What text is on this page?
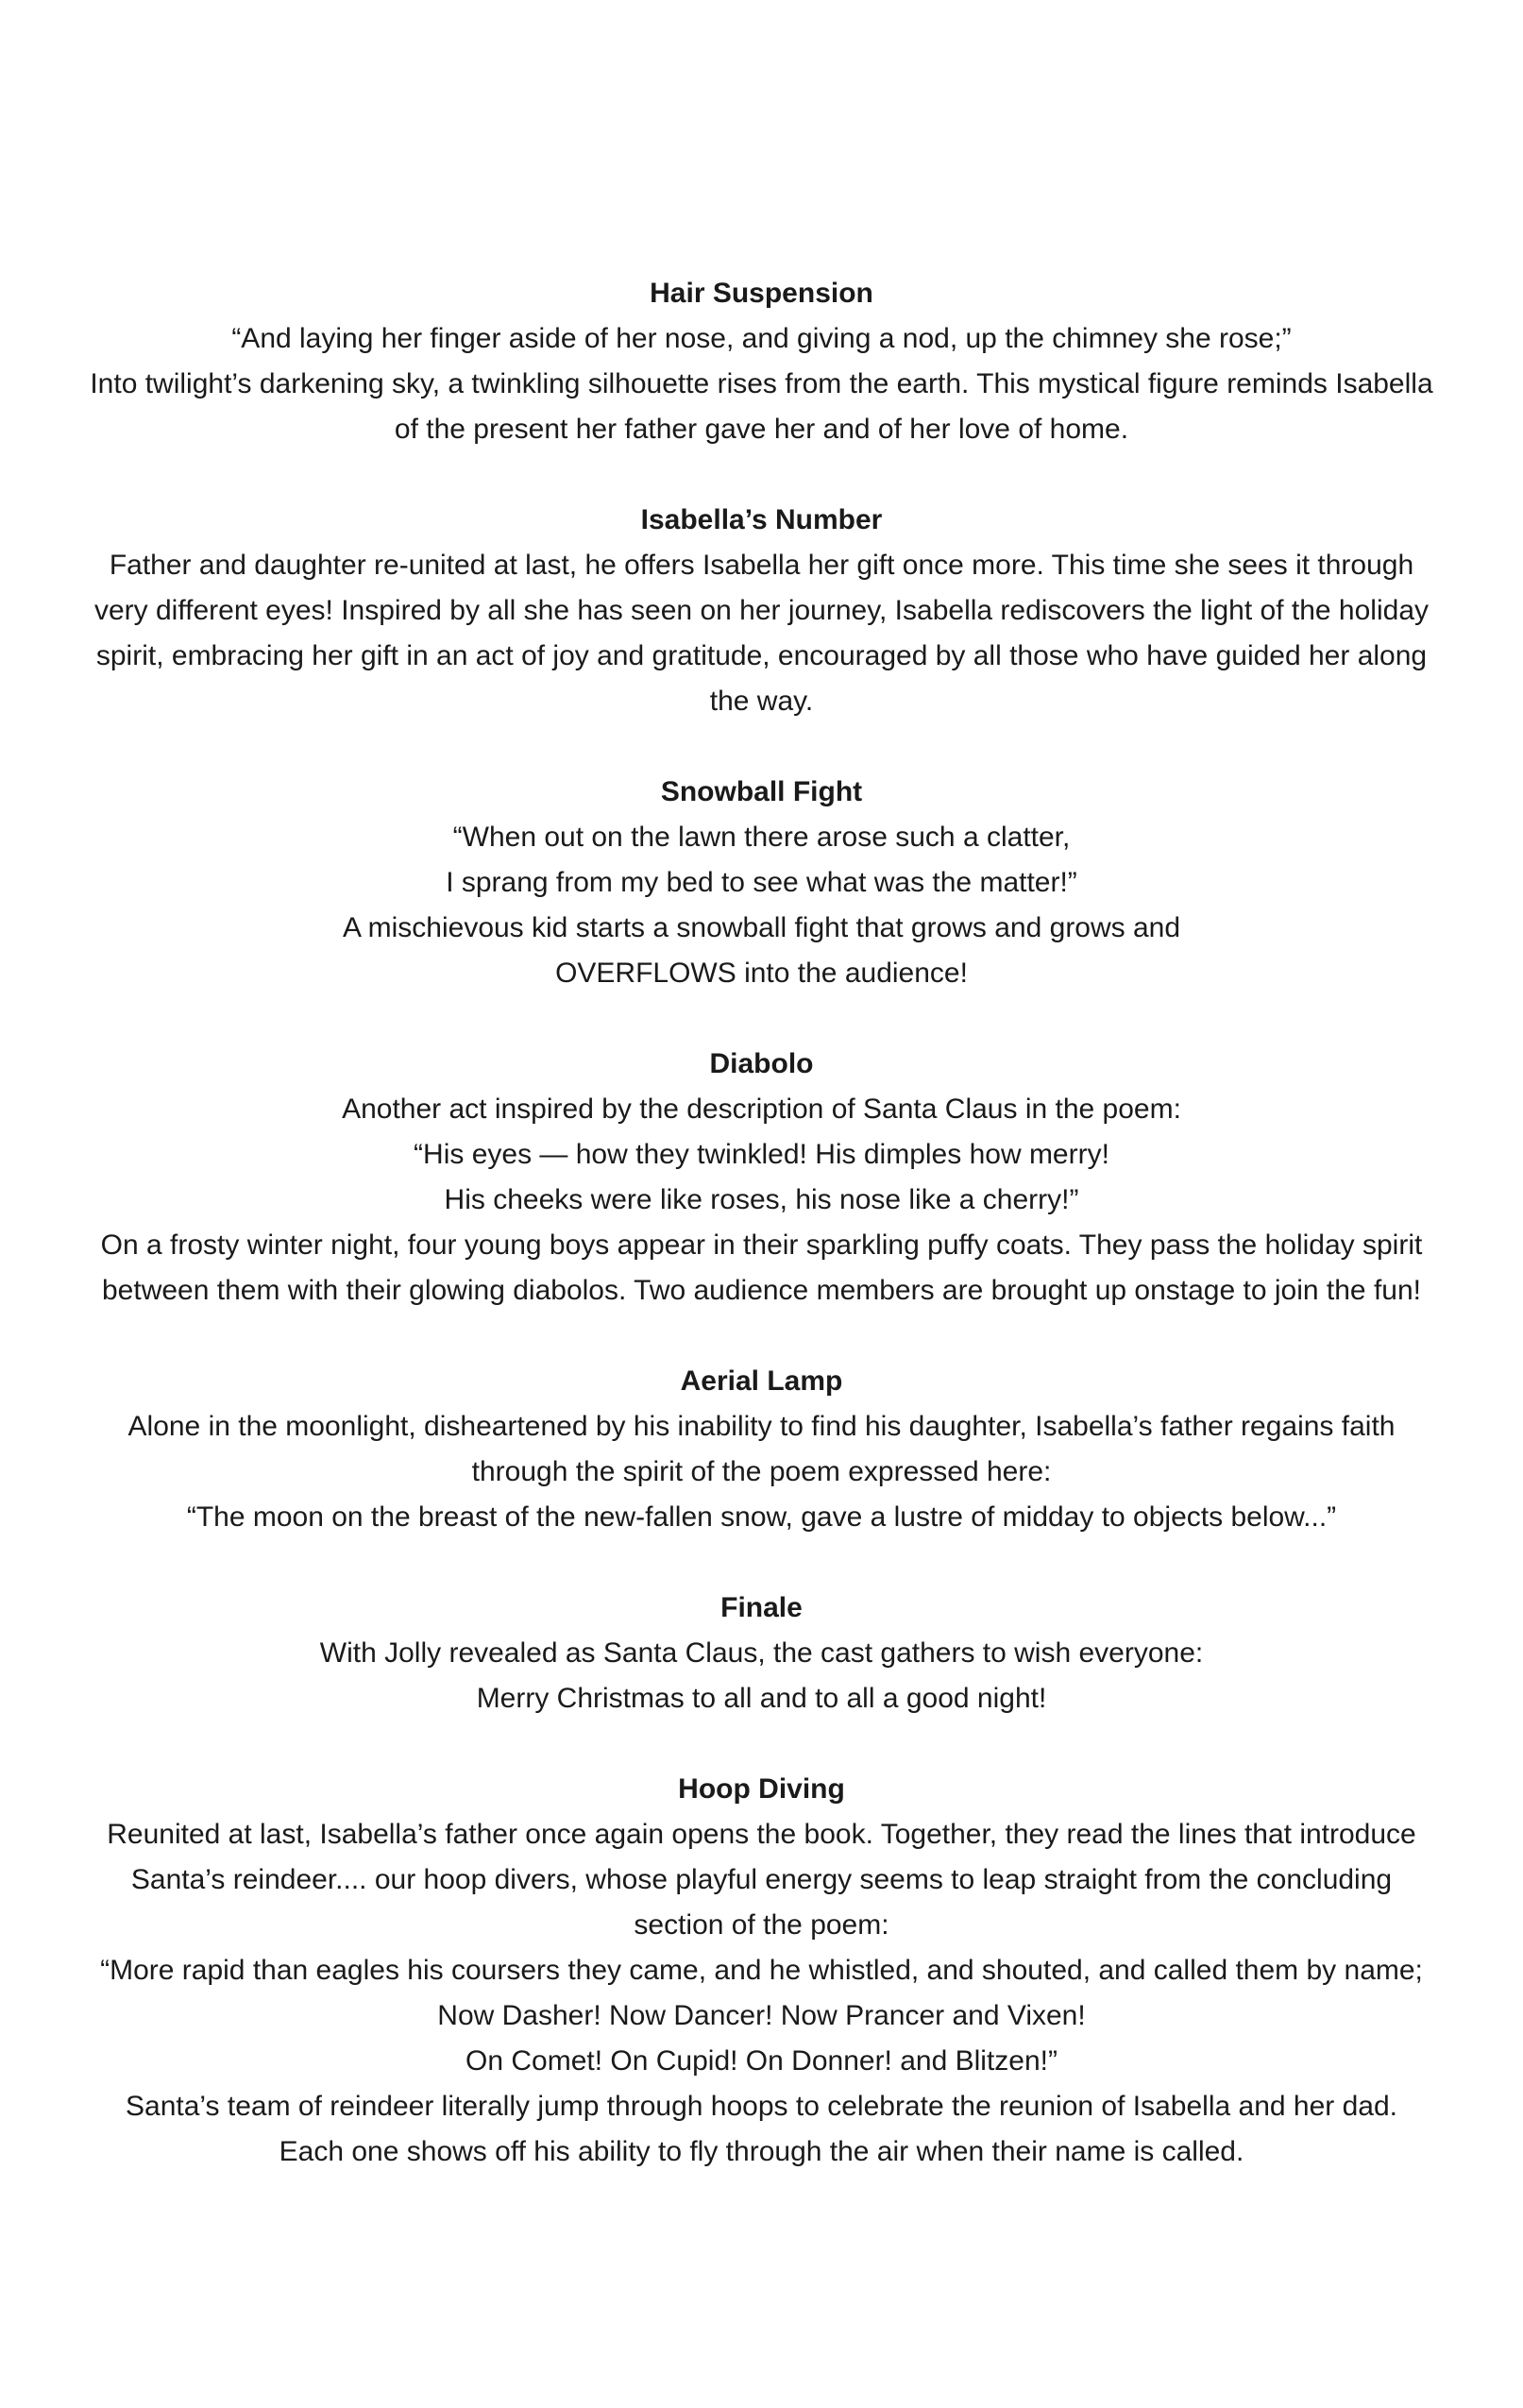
Hair Suspension

“And laying her finger aside of her nose, and giving a nod, up the chimney she rose;”

Into twilight’s darkening sky, a twinkling silhouette rises from the earth. This mystical figure reminds Isabella of the present her father gave her and of her love of home.

Isabella’s Number

Father and daughter re-united at last, he offers Isabella her gift once more. This time she sees it through very different eyes! Inspired by all she has seen on her journey, Isabella rediscovers the light of the holiday spirit, embracing her gift in an act of joy and gratitude, encouraged by all those who have guided her along the way.

Snowball Fight

“When out on the lawn there arose such a clatter,

I sprang from my bed to see what was the matter!”

A mischievous kid starts a snowball fight that grows and grows and

OVERFLOWS into the audience!

Diabolo

Another act inspired by the description of Santa Claus in the poem:

“His eyes — how they twinkled! His dimples how merry!

His cheeks were like roses, his nose like a cherry!”

On a frosty winter night, four young boys appear in their sparkling puffy coats. They pass the holiday spirit between them with their glowing diabolos. Two audience members are brought up onstage to join the fun!

Aerial Lamp

Alone in the moonlight, disheartened by his inability to find his daughter, Isabella’s father regains faith through the spirit of the poem expressed here:

“The moon on the breast of the new-fallen snow, gave a lustre of midday to objects below...”

Finale

With Jolly revealed as Santa Claus, the cast gathers to wish everyone:

Merry Christmas to all and to all a good night!

Hoop Diving

Reunited at last, Isabella’s father once again opens the book. Together, they read the lines that introduce Santa’s reindeer.... our hoop divers, whose playful energy seems to leap straight from the concluding section of the poem:

“More rapid than eagles his coursers they came, and he whistled, and shouted, and called them by name; Now Dasher! Now Dancer! Now Prancer and Vixen!

On Comet! On Cupid! On Donner! and Blitzen!”

Santa’s team of reindeer literally jump through hoops to celebrate the reunion of Isabella and her dad. Each one shows off his ability to fly through the air when their name is called.
